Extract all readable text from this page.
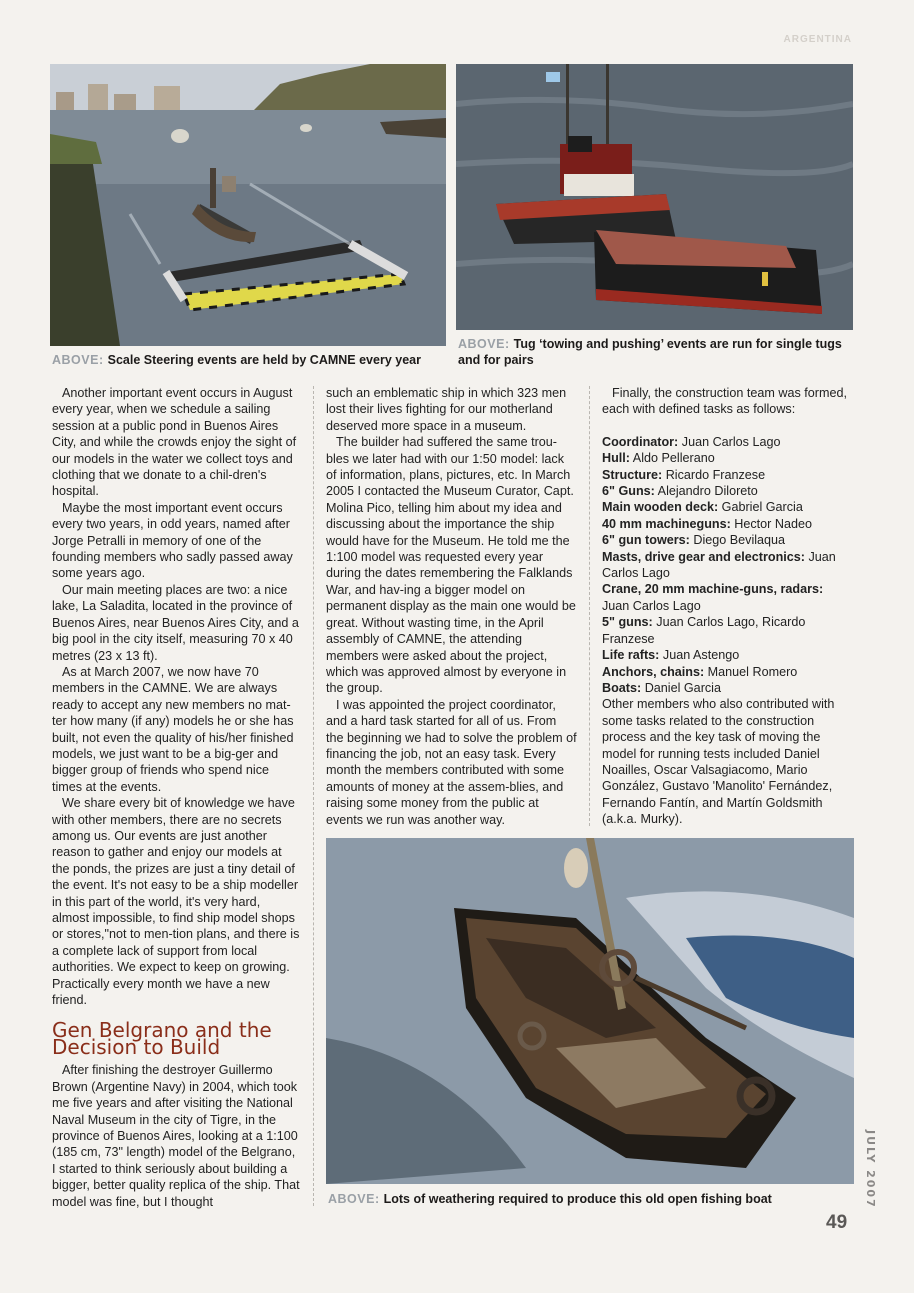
ARGENTINA
ABOVE: Scale Steering events are held by CAMNE every year
ABOVE: Tug ‘towing and pushing’ events are run for single tugs and for pairs

Another important event occurs in August every year, when we schedule a sailing session at a public pond in Buenos Aires City, and while the crowds enjoy the sight of our models in the water we collect toys and clothing that we donate to a chil-dren's hospital.

Maybe the most important event occurs every two years, in odd years, named after Jorge Petralli in memory of one of the founding members who sadly passed away some years ago.

Our main meeting places are two: a nice lake, La Saladita, located in the province of Buenos Aires, near Buenos Aires City, and a big pool in the city itself, measuring 70 x 40 metres (23 x 13 ft).

As at March 2007, we now have 70 members in the CAMNE. We are always ready to accept any new members no mat-ter how many (if any) models he or she has built, not even the quality of his/her finished models, we just want to be a big-ger and bigger group of friends who spend nice times at the events.

We share every bit of knowledge we have with other members, there are no secrets among us. Our events are just another reason to gather and enjoy our models at the ponds, the prizes are just a tiny detail of the event. It's not easy to be a ship modeller in this part of the world, it's very hard, almost impossible, to find ship model shops or stores,"not to men-tion plans, and there is a complete lack of support from local authorities. We expect to keep on growing. Practically every month we have a new friend.

Gen Belgrano and the Decision to Build

After finishing the destroyer Guillermo Brown (Argentine Navy) in 2004, which took me five years and after visiting the National Naval Museum in the city of Tigre, in the province of Buenos Aires, looking at a 1:100 (185 cm, 73" length) model of the Belgrano, I started to think seriously about building a bigger, better quality replica of the ship. That model was fine, but I thought

such an emblematic ship in which 323 men lost their lives fighting for our motherland deserved more space in a museum.

The builder had suffered the same trou-bles we later had with our 1:50 model: lack of information, plans, pictures, etc. In March 2005 I contacted the Museum Curator, Capt. Molina Pico, telling him about my idea and discussing about the importance the ship would have for the Museum. He told me the 1:100 model was requested every year during the dates remembering the Falklands War, and hav-ing a bigger model on permanent display as the main one would be great. Without wasting time, in the April assembly of CAMNE, the attending members were asked about the project, which was approved almost by everyone in the group.

I was appointed the project coordinator, and a hard task started for all of us. From the beginning we had to solve the problem of financing the job, not an easy task. Every month the members contributed with some amounts of money at the assem-blies, and raising some money from the public at events we run was another way.

Finally, the construction team was formed, each with defined tasks as follows:

Coordinator: Juan Carlos Lago
Hull: Aldo Pellerano
Structure: Ricardo Franzese
6" Guns: Alejandro Diloreto
Main wooden deck: Gabriel Garcia
40 mm machineguns: Hector Nadeo
6" gun towers: Diego Bevilaqua
Masts, drive gear and electronics: Juan Carlos Lago
Crane, 20 mm machine-guns, radars: Juan Carlos Lago
5" guns: Juan Carlos Lago, Ricardo Franzese
Life rafts: Juan Astengo
Anchors, chains: Manuel Romero
Boats: Daniel Garcia

Other members who also contributed with some tasks related to the construction process and the key task of moving the model for running tests included Daniel Noailles, Oscar Valsagiacomo, Mario González, Gustavo 'Manolito' Fernández, Fernando Fantín, and Martín Goldsmith (a.k.a. Murky).

ABOVE: Lots of weathering required to produce this old open fishing boat	JULY 2007
49
